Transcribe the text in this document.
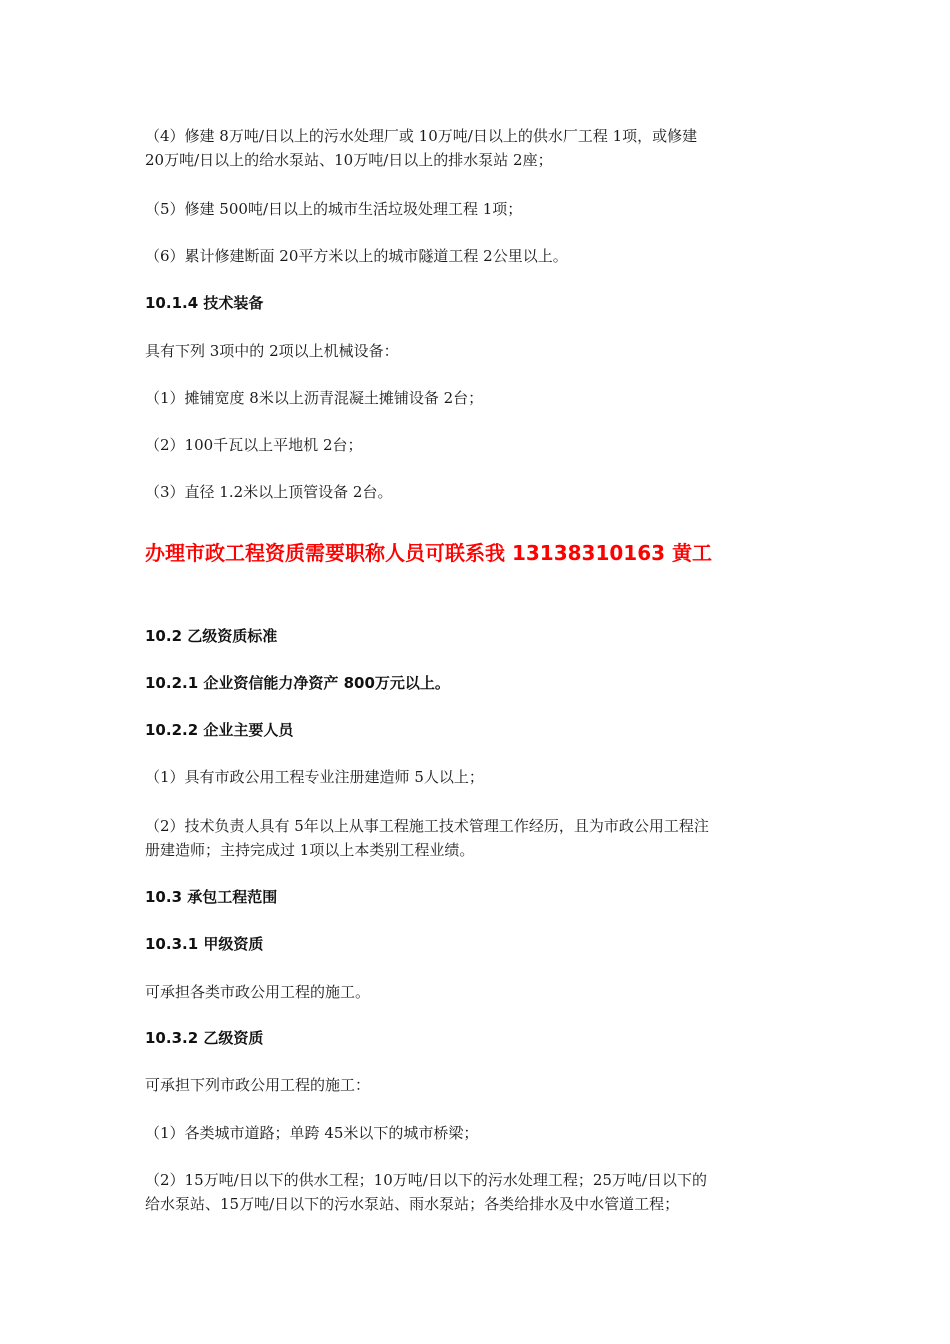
（4）修建 8万吨/日以上的污水处理厂或 10万吨/日以上的供水厂工程 1项，或修建
20万吨/日以上的给水泵站、10万吨/日以上的排水泵站 2座；
（5）修建 500吨/日以上的城市生活垃圾处理工程 1项；
（6）累计修建断面 20平方米以上的城市隧道工程 2公里以上。
10.1.4 技术装备
具有下列 3项中的 2项以上机械设备：
（1）摊铺宽度 8米以上沥青混凝土摊铺设备 2台；
（2）100千瓦以上平地机 2台；
（3）直径 1.2米以上顶管设备 2台。
办理市政工程资质需要职称人员可联系我 13138310163 黄工
10.2 乙级资质标准
10.2.1 企业资信能力净资产 800万元以上。
10.2.2 企业主要人员
（1）具有市政公用工程专业注册建造师 5人以上；
（2）技术负责人具有 5年以上从事工程施工技术管理工作经历，且为市政公用工程注
册建造师；主持完成过 1项以上本类别工程业绩。
10.3 承包工程范围
10.3.1 甲级资质
可承担各类市政公用工程的施工。
10.3.2 乙级资质
可承担下列市政公用工程的施工：
（1）各类城市道路；单跨 45米以下的城市桥梁；
（2）15万吨/日以下的供水工程；10万吨/日以下的污水处理工程；25万吨/日以下的
给水泵站、15万吨/日以下的污水泵站、雨水泵站；各类给排水及中水管道工程；
